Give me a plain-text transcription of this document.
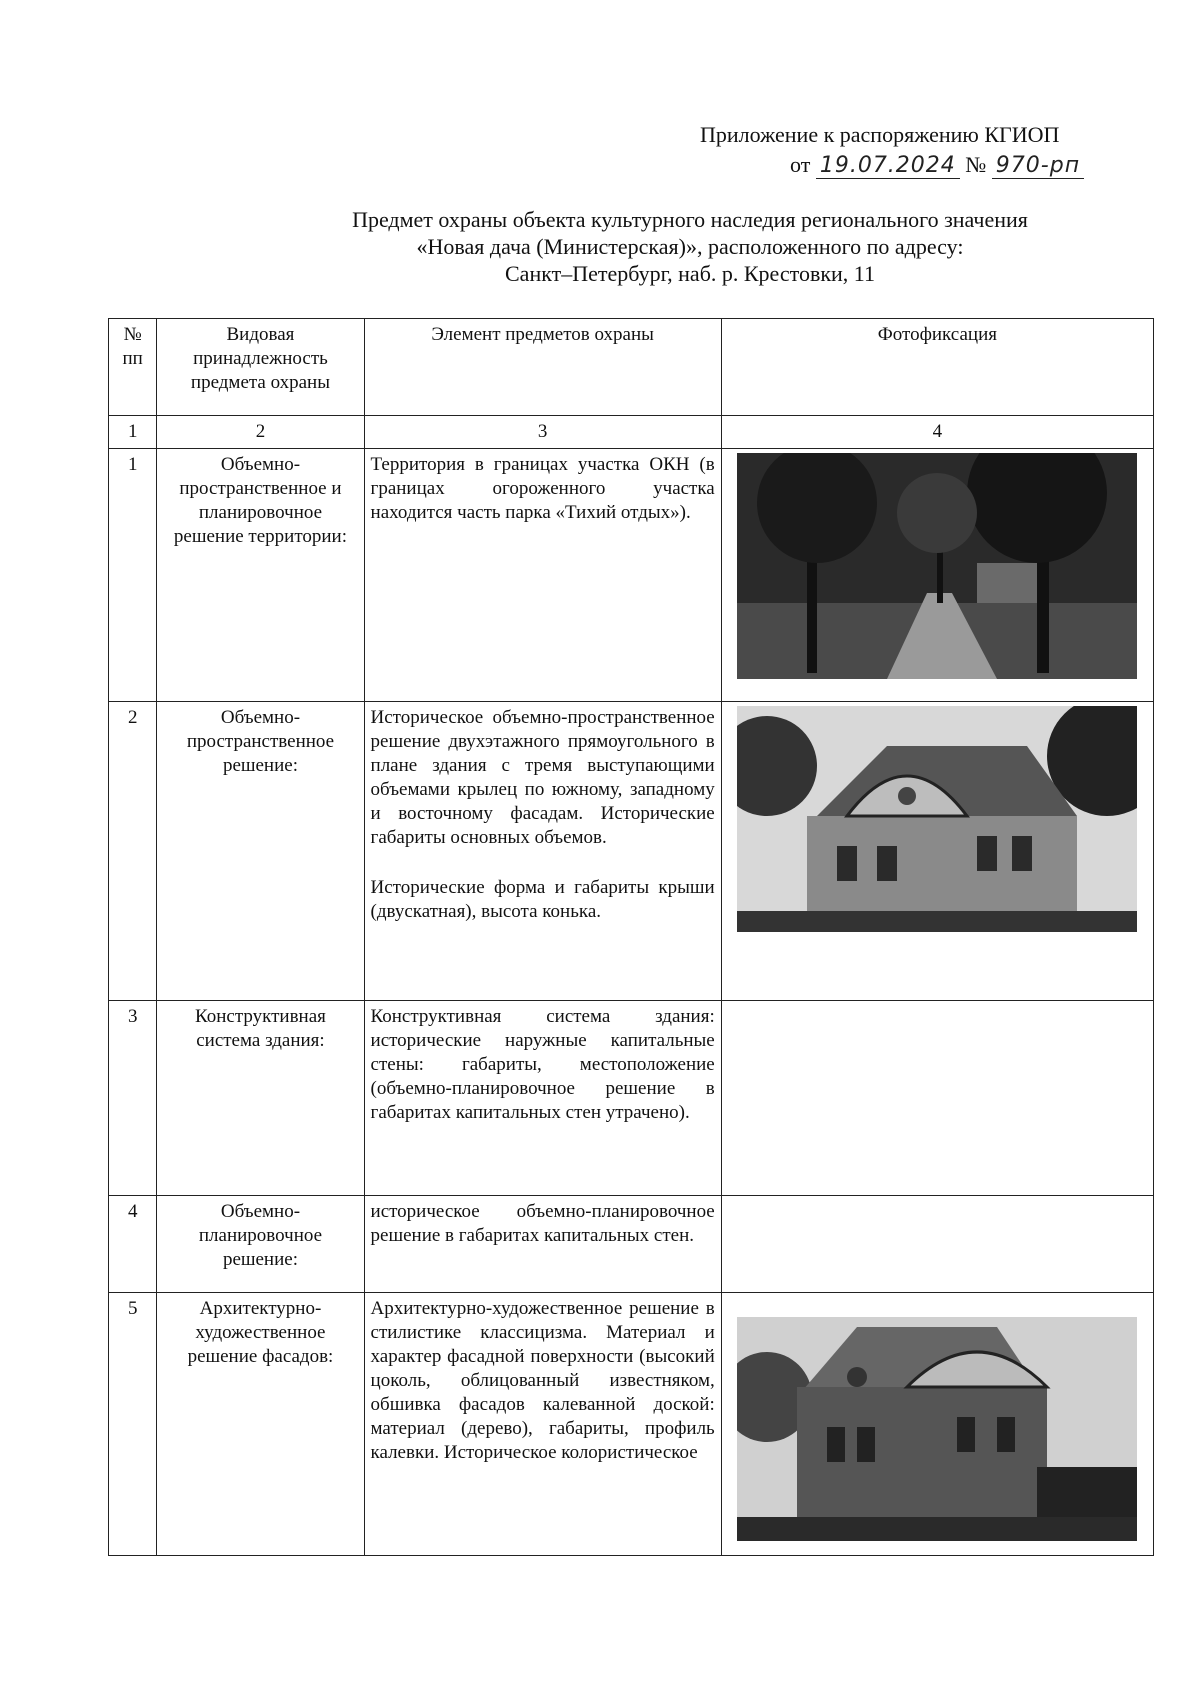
Приложение к распоряжению КГИОП
от 19.07.2024 № 970-рп
Предмет охраны объекта культурного наследия регионального значения
«Новая дача (Министерская)», расположенного по адресу:
Санкт–Петербург, наб. р. Крестовки, 11
№ пп	Видовая принадлежность предмета охраны	Элемент предметов охраны	Фотофиксация
1	2	3	4
1	Объемно-пространственное и планировочное решение территории:	Территория в границах участка ОКН (в границах огороженного участка находится часть парка «Тихий отдых»).	

2	Объемно-пространственное решение:	Историческое объемно-пространственное решение двухэтажного прямоугольного в плане здания с тремя выступающими объемами крылец по южному, западному и восточному фасадам. Исторические габариты основных объемов.

Исторические форма и габариты крыши (двускатная), высота конька.

3	Конструктивная система здания:	Конструктивная система здания: исторические наружные капитальные стены: габариты, местоположение (объемно-планировочное решение в габаритах капитальных стен утрачено).	
4	Объемно-планировочное решение:	историческое объемно-планировочное решение в габаритах капитальных стен.	
5	Архитектурно-художественное решение фасадов:	Архитектурно-художественное решение в стилистике классицизма. Материал и характер фасадной поверхности (высокий цоколь, облицованный известняком, обшивка фасадов калеванной доской: материал (дерево), габариты, профиль калевки. Историческое колористическое	
